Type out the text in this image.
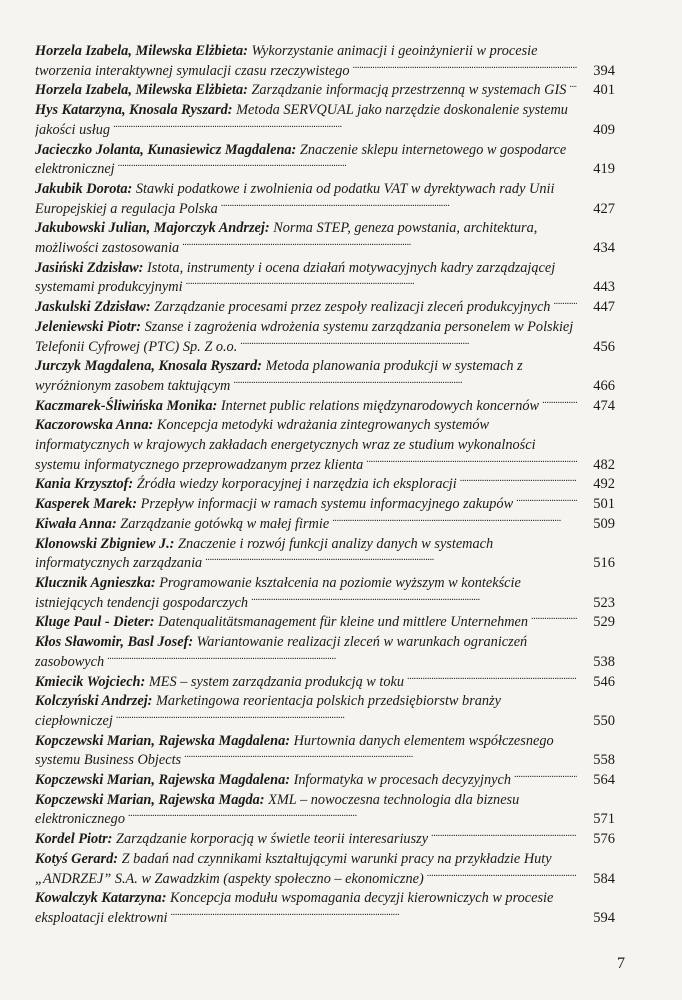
Horzela Izabela, Milewska Elżbieta:
Wykorzystanie animacji i geoinżynierii w procesie
tworzenia interaktywnej symulacji czasu rzeczywistego . . .	394
Horzela Izabela, Milewska Elżbieta:
Zarządzanie informacją przestrzenną w systemach GIS . . .	401
Hys Katarzyna, Knosala Ryszard:
Metoda SERVQUAL jako narzędzie doskonalenie systemu
jakości usług . . .	409
Jacieczko Jolanta, Kunasiewicz Magdalena:
Znaczenie sklepu internetowego w gospodarce
elektronicznej . . .	419
Jakubik Dorota:
Stawki podatkowe i zwolnienia od podatku VAT w dyrektywach rady Unii
Europejskiej a regulacja Polska . . .	427
Jakubowski Julian, Majorczyk Andrzej:
Norma STEP, geneza powstania, architektura,
możliwości zastosowania . . .	434
Jasiński Zdzisław:
Istota, instrumenty i ocena działań motywacyjnych kadry zarządzającej
systemami produkcyjnymi . . .	443
Jaskulski Zdzisław:
Zarządzanie procesami przez zespoły realizacji zleceń produkcyjnych . . .	447
Jeleniewski Piotr:
Szanse i zagrożenia wdrożenia systemu zarządzania personelem w Polskiej
Telefonii Cyfrowej (PTC) Sp. Z o.o. . . .	456
Jurczyk Magdalena, Knosala Ryszard:
Metoda planowania produkcji w systemach z
wyróżnionym zasobem taktującym . . .	466
Kaczmarek-Śliwińska Monika:
Internet public relations międzynarodowych koncernów . . .	474
Kaczorowska Anna:
Koncepcja metodyki wdrażania zintegrowanych systemów
informatycznych w krajowych zakładach energetycznych wraz ze studium wykonalności
systemu informatycznego przeprowadzanym przez klienta . . .	482
Kania Krzysztof:
Źródła wiedzy korporacyjnej i narzędzia ich eksploracji . . .	492
Kasperek Marek:
Przepływ informacji w ramach systemu informacyjnego zakupów . . .	501
Kiwała Anna:
Zarządzanie gotówką w małej firmie . . .	509
Klonowski Zbigniew J.:
Znaczenie i rozwój funkcji analizy danych w systemach
informatycznych zarządzania . . .	516
Klucznik Agnieszka:
Programowanie kształcenia na poziomie wyższym w kontekście
istniejących tendencji gospodarczych . . .	523
Kluge Paul - Dieter:
Datenqualitätsmanagement für kleine und mittlere Unternehmen . . .	529
Kłos Sławomir, Basl Josef:
Wariantowanie realizacji zleceń w warunkach ograniczeń
zasobowych . . .	538
Kmiecik Wojciech:
MES – system zarządzania produkcją w toku . . .	546
Kolczyński Andrzej:
Marketingowa reorientacja polskich przedsiębiorstw branży
ciepłowniczej . . .	550
Kopczewski Marian, Rajewska Magdalena:
Hurtownia danych elementem współczesnego
systemu Business Objects . . .	558
Kopczewski Marian, Rajewska Magdalena:
Informatyka w procesach decyzyjnych . . .	564
Kopczewski Marian, Rajewska Magda:
XML – nowoczesna technologia dla biznesu
elektronicznego . . .	571
Kordel Piotr:
Zarządzanie korporacją w świetle teorii interesariuszy . . .	576
Kotyś Gerard:
Z badań nad czynnikami kształtującymi warunki pracy na przykładzie Huty
„ANDRZEJ” S.A. w Zawadzkim (aspekty społeczno – ekonomiczne) . . .	584
Kowalczyk Katarzyna:
Koncepcja modułu wspomagania decyzji kierowniczych w procesie
eksploatacji elektrowni . . .	594
7
